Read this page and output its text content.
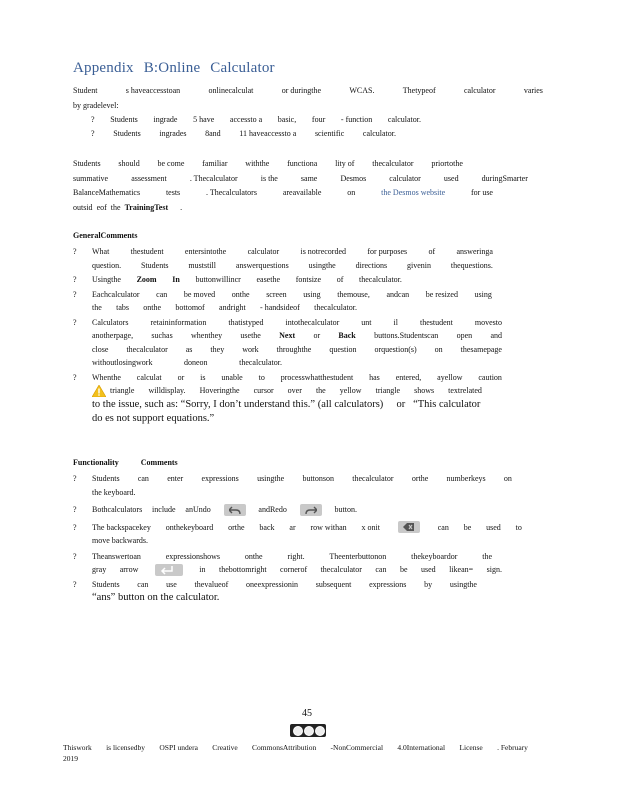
Appendix B:Online Calculator
Student	s haveaccesstoan	onlinecalculat	or duringthe	WCAS.	Thetypeof	calculator	varies
by gradelevel:
? Students ingrade 5 have accessto a basic, four - function calculator.
? Students ingrades 8and 11 haveaccessto a scientific calculator.
Students should be come familiar withthe functiona lity of thecalculator priortothe
summative	assessment	. Thecalculator	is the	same	Desmos	calculator	used	duringSmarter
BalanceMathematics	tests	. Thecalculators	areavailable	on	the Desmos website	for use
outsid eof the TrainingTest .
GeneralComments
? What	thestudent	entersintothe	calculator	is notrecorded	for purposes	of	answeringa
question. Students muststill answerquestions usingthe directions givenin thequestions.
? Usingthe Zoom In buttonwillincr easethe fontsize of thecalculator.
? Eachcalculator can be moved onthe screen using themouse, andcan be resized using
the tabs onthe bottomof andright - handsideof thecalculator.
? Calculators	retaininformation	thatistyped	intothecalculator	unt	il	thestudent	movesto
anotherpage, suchas whenthey usethe Next or Back buttons.Studentscan open and
close thecalculator as they work throughthe question orquestion(s) on thesamepage
withoutlosingwork	doneon	thecalculator.
? Whenthe calculat or is unable to processwhatthestudent has entered, ayellow caution
triangle willdisplay. Hoveringthe cursor over the yellow triangle shows textrelated
to the issue, such as: “Sorry, I don’t understand this.” (all calculators) or “This calculator
do es not support equations.”
Functionality	Comments
? Students can enter expressions usingthe buttonson thecalculator orthe numberkeys on
the keyboard.
? Bothcalculators include anUndo	andRedo	button.
? The backspacekey onthekeyboard orthe back ar row withan x onit	can be used to
move backwards.
? Theanswertoan	expressionshows	onthe	right.	Theenterbuttonon	thekeyboardor	the
gray arrow	in thebottomright cornerof thecalculator can be used likean= sign.
? Students can use thevalueof oneexpressionin subsequent expressions by usingthe
“ans” button on the calculator.
45
Thiswork is licensedby OSPI undera Creative CommonsAttribution -NonCommercial 4.0International License . February
2019
